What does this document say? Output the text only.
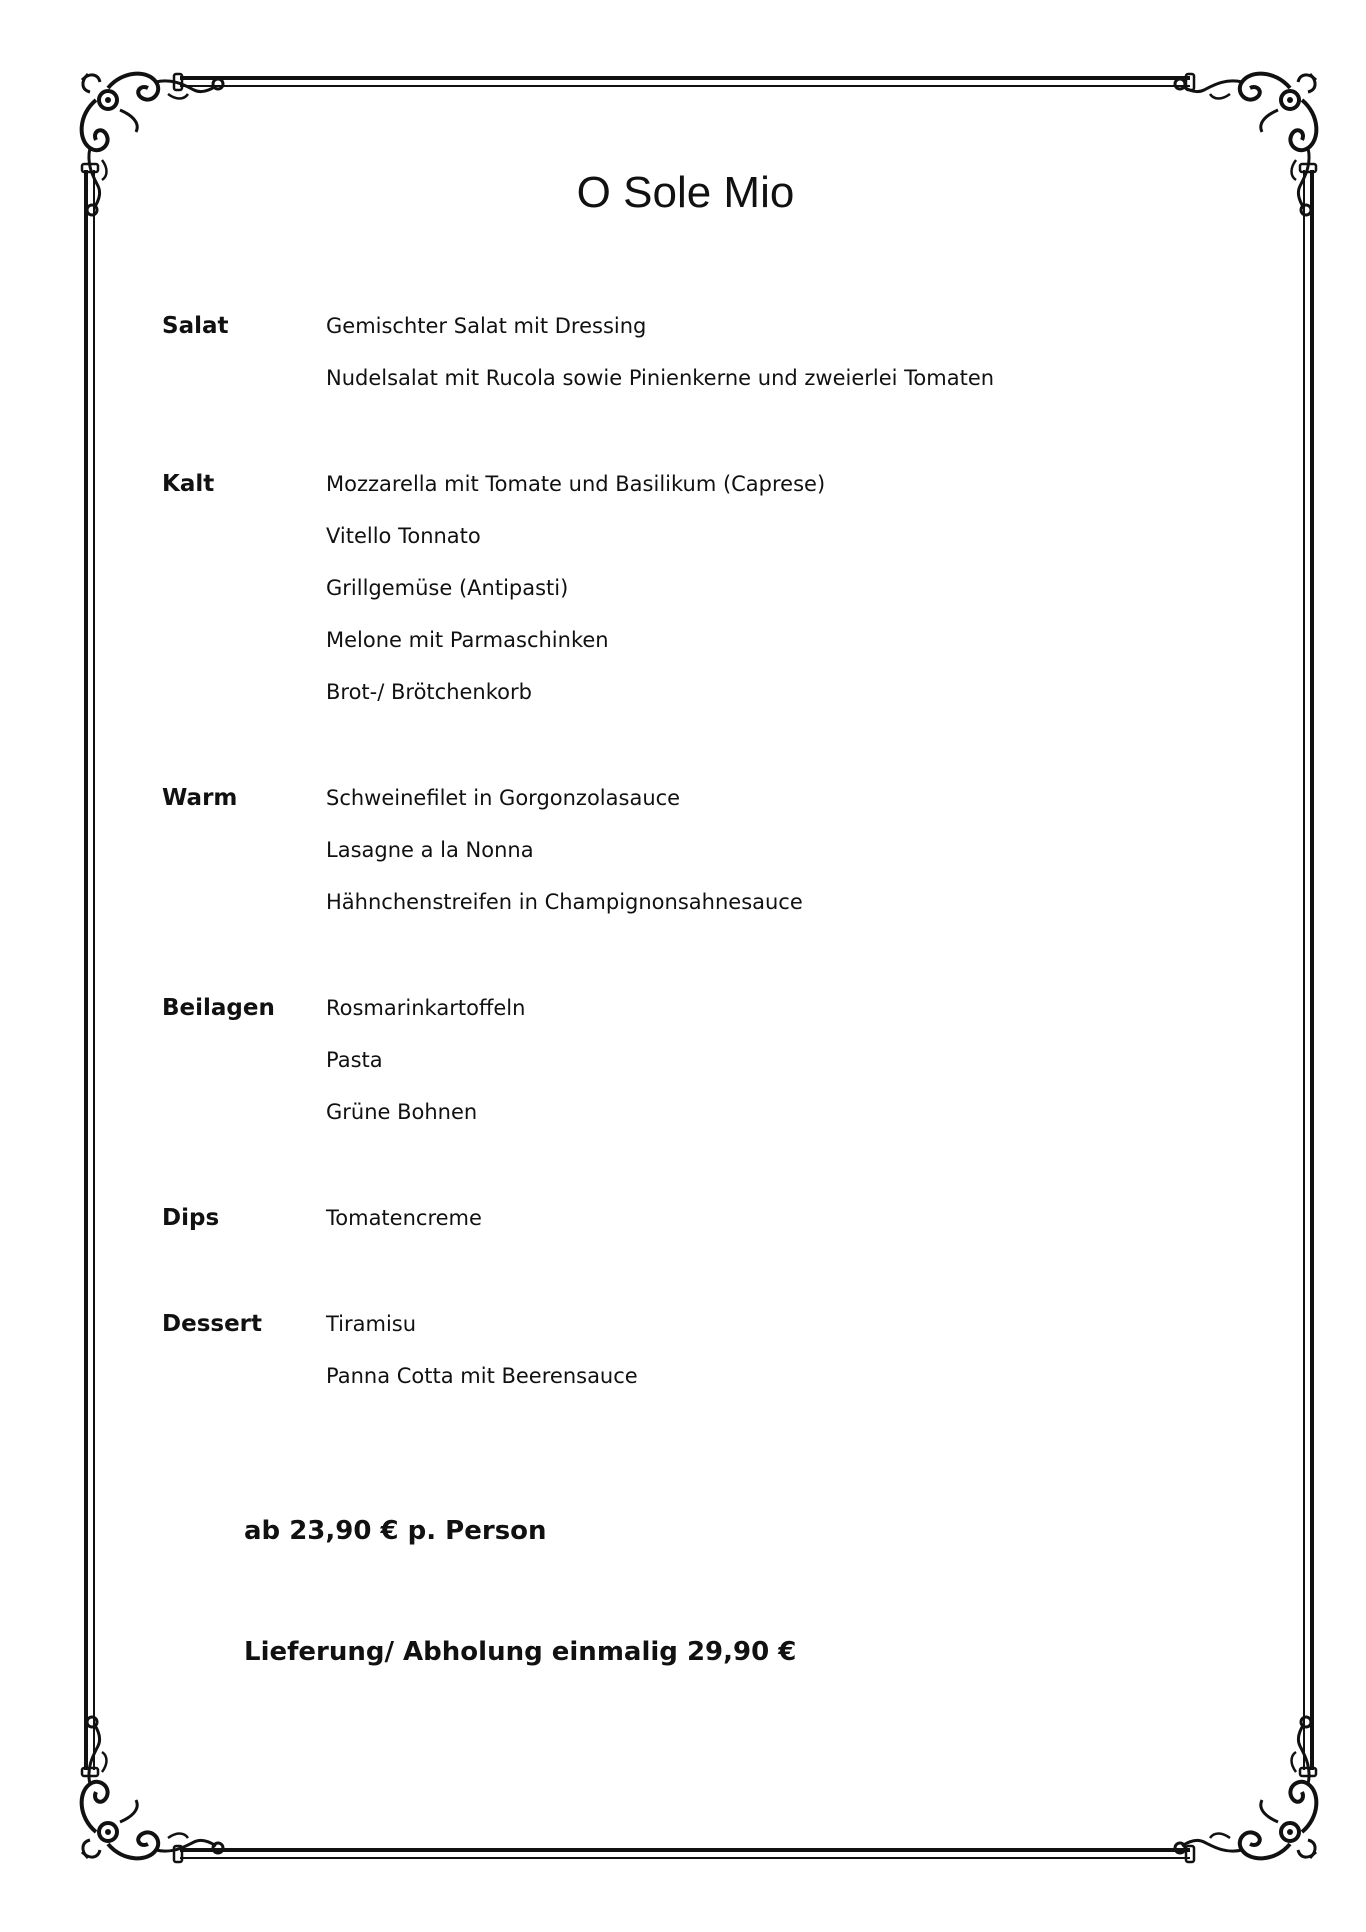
O Sole Mio
Salat	Gemischter Salat mit Dressing
Nudelsalat mit Rucola sowie Pinienkerne und zweierlei Tomaten
Kalt	Mozzarella mit Tomate und Basilikum (Caprese)
Vitello Tonnato
Grillgemüse (Antipasti)
Melone mit Parmaschinken
Brot-/ Brötchenkorb
Warm	Schweinefilet in Gorgonzolasauce
Lasagne a la Nonna
Hähnchenstreifen in Champignonsahnesauce
Beilagen	Rosmarinkartoffeln
Pasta
Grüne Bohnen
Dips	Tomatencreme
Dessert	Tiramisu
Panna Cotta mit Beerensauce
ab 23,90 € p. Person
Lieferung/ Abholung einmalig 29,90 €
